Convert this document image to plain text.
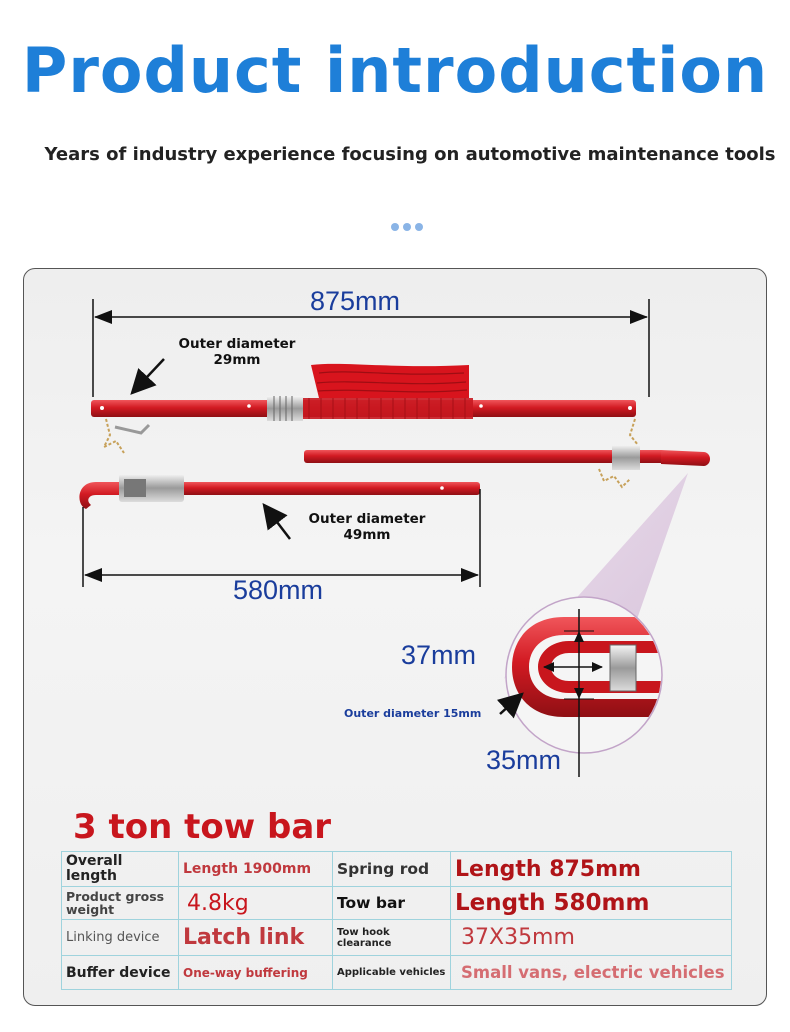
Product introduction
Years of industry experience focusing on automotive maintenance tools
875mm
580mm
37mm
35mm
Outer diameter
29mm
Outer diameter
49mm
Outer diameter 15mm
3 ton tow bar
Overall length	Length 1900mm	Spring rod	Length 875mm
Product gross weight	4.8kg	Tow bar	Length 580mm
Linking device	Latch link	Tow hook clearance	37X35mm
Buffer device	One-way buffering	Applicable vehicles	Small vans, electric vehicles
